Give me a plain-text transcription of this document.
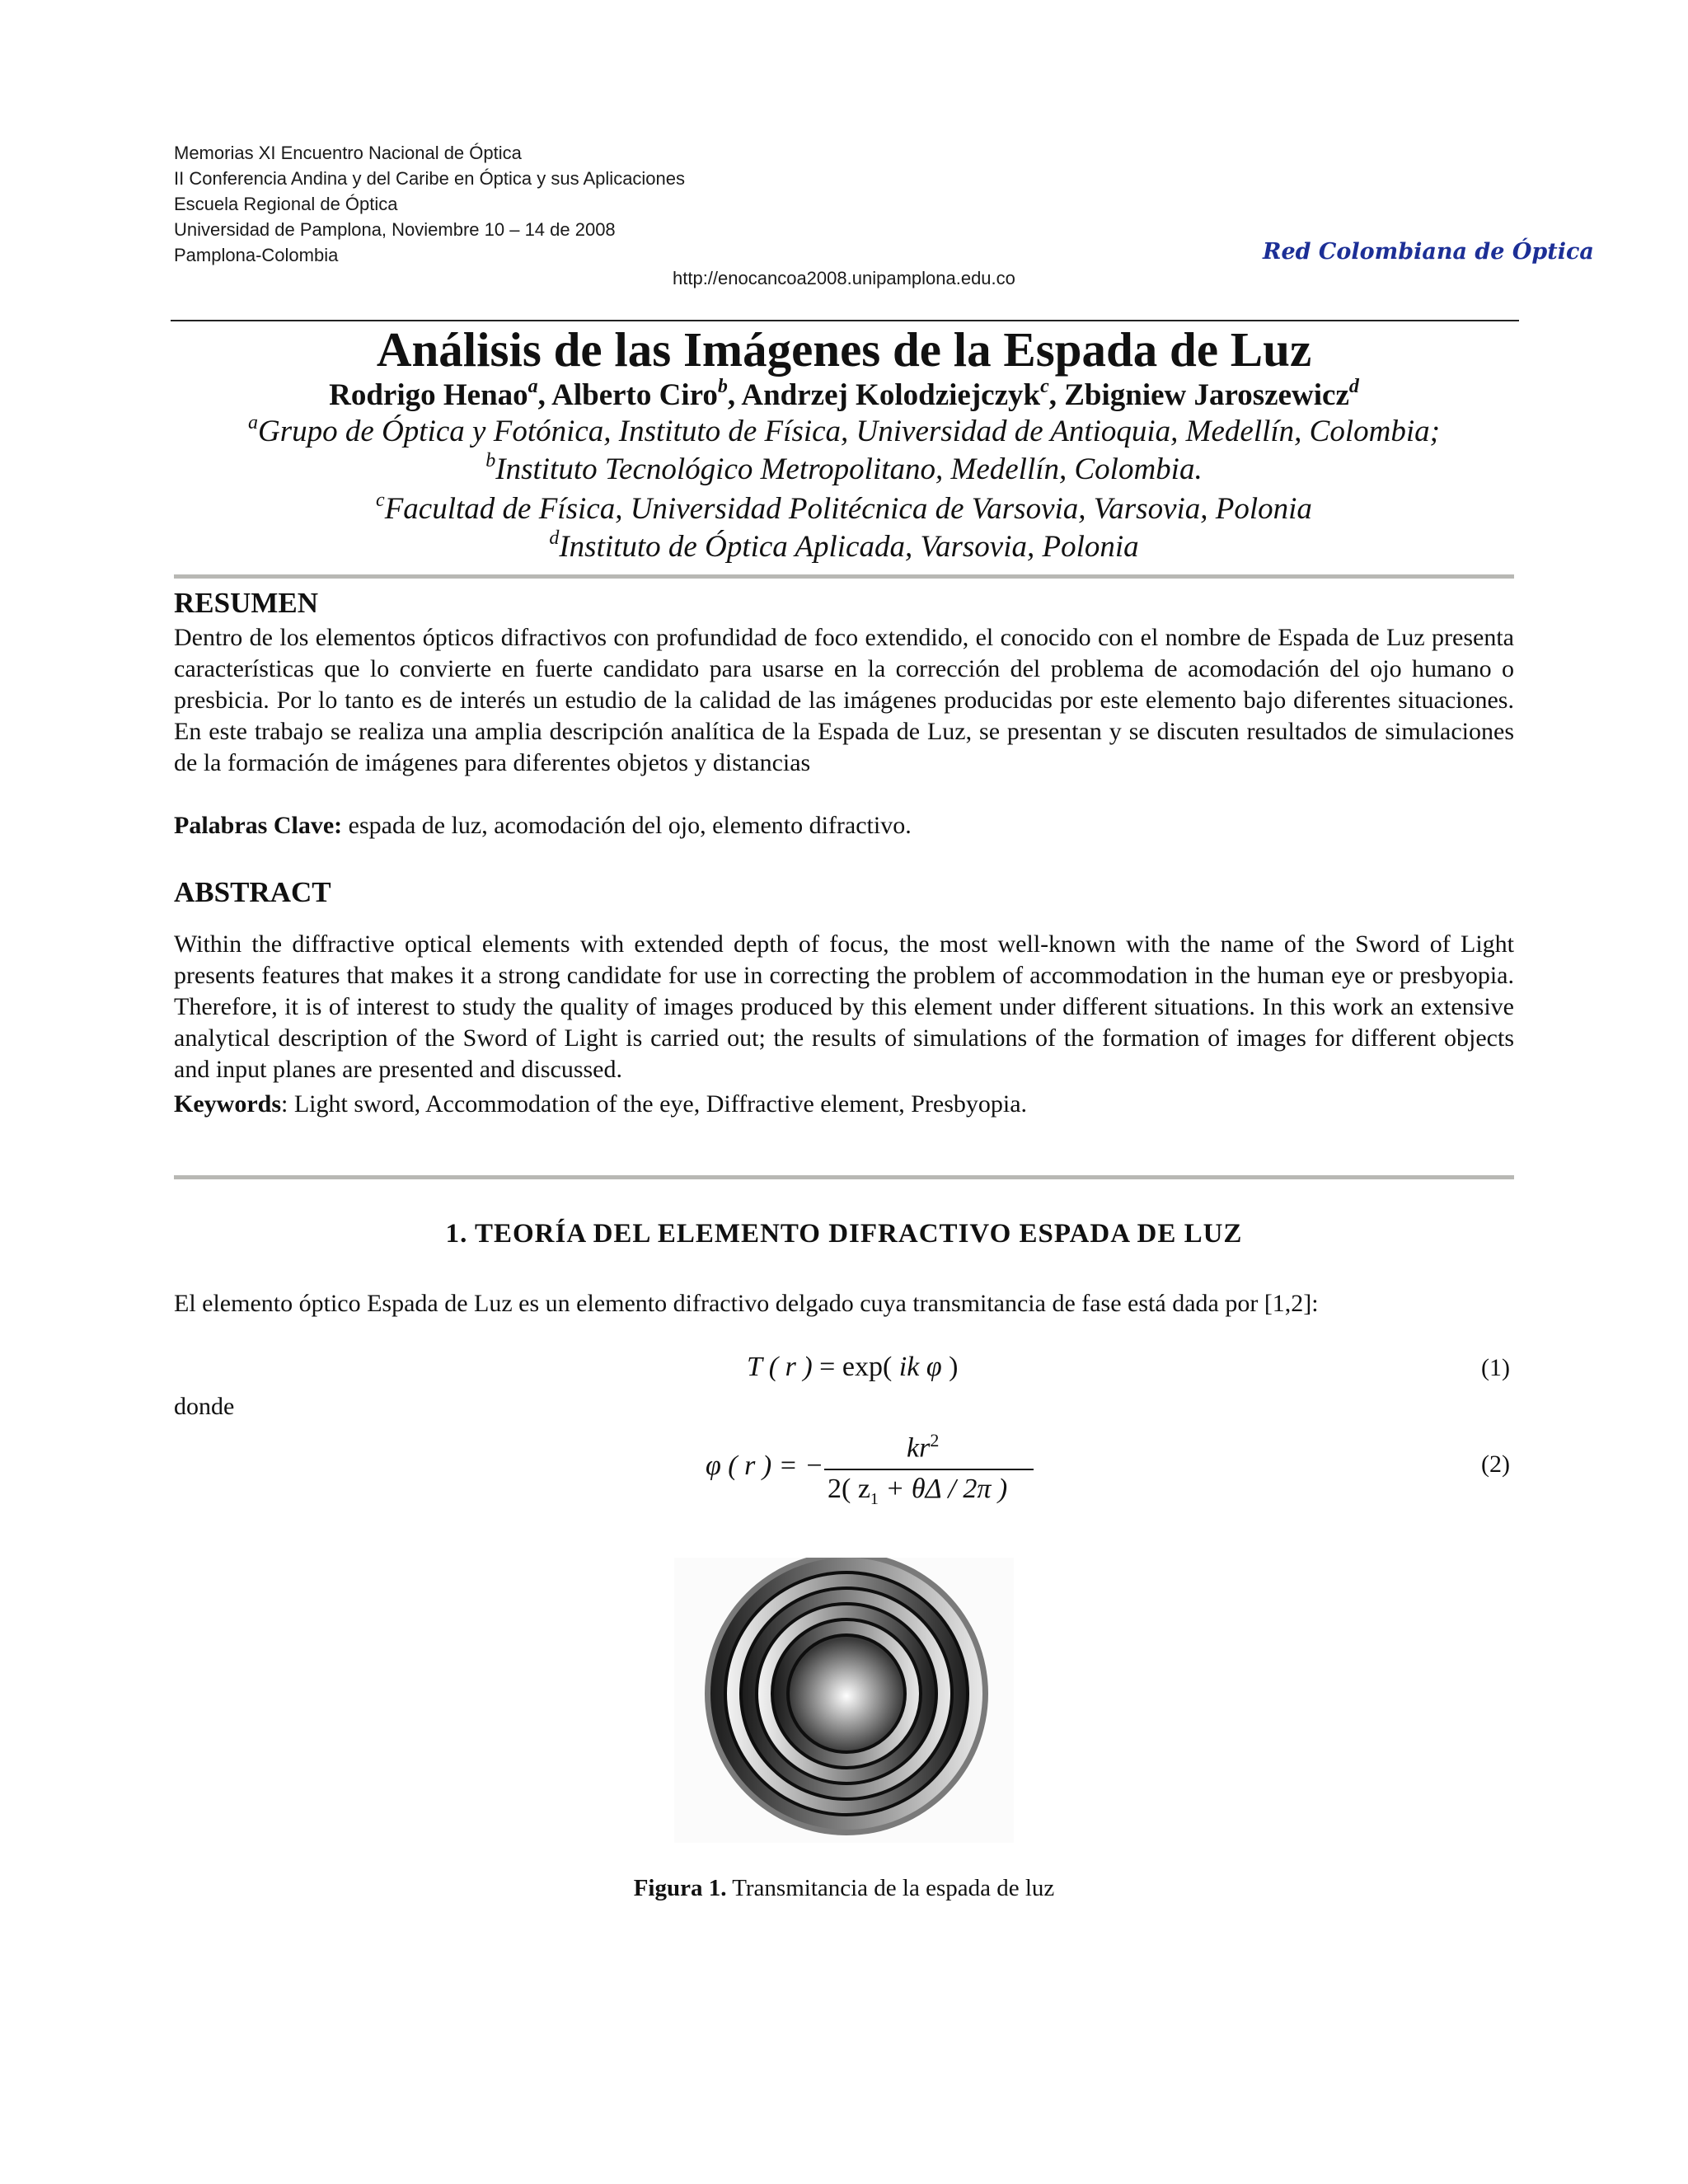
Memorias XI Encuentro Nacional de Óptica
II Conferencia Andina y del Caribe en Óptica y sus Aplicaciones
Escuela Regional de Óptica
Universidad de Pamplona, Noviembre 10 – 14 de 2008
Pamplona-Colombia
http://enocancoa2008.unipamplona.edu.co
Red Colombiana de Óptica
Análisis de las Imágenes de la Espada de Luz
Rodrigo Henao$^a$, Alberto Ciro$^b$, Andrzej Kolodziejczyk$^c$, Zbigniew Jaroszewicz$^d$
$^a$Grupo de Óptica y Fotónica, Instituto de Física, Universidad de Antioquia, Medellín, Colombia;
$^b$Instituto Tecnológico Metropolitano, Medellín, Colombia.
$^c$Facultad de Física, Universidad Politécnica de Varsovia, Varsovia, Polonia
$^d$Instituto de Óptica Aplicada, Varsovia, Polonia
RESUMEN
Dentro de los elementos ópticos difractivos con profundidad de foco extendido, el conocido con el nombre de Espada de Luz presenta características que lo convierte en fuerte candidato para usarse en la corrección del problema de acomodación del ojo humano o presbicia. Por lo tanto es de interés un estudio de la calidad de las imágenes producidas por este elemento bajo diferentes situaciones. En este trabajo se realiza una amplia descripción analítica de la Espada de Luz, se presentan y se discuten resultados de simulaciones de la formación de imágenes para diferentes objetos y distancias
Palabras Clave: espada de luz, acomodación del ojo, elemento difractivo.
ABSTRACT
Within the diffractive optical elements with extended depth of focus, the most well-known with the name of the Sword of Light presents features that makes it a strong candidate for use in correcting the problem of accommodation in the human eye or presbyopia. Therefore, it is of interest to study the quality of images produced by this element under different situations. In this work an extensive analytical description of the Sword of Light is carried out; the results of simulations of the formation of images for different objects and input planes are presented and discussed.
Keywords: Light sword, Accommodation of the eye, Diffractive element, Presbyopia.
1. TEORÍA DEL ELEMENTO DIFRACTIVO ESPADA DE LUZ
El elemento óptico Espada de Luz es un elemento difractivo delgado cuya transmitancia de fase está dada por [1,2]:
T ( r ) = exp( ik φ )	(1)
donde
φ ( r ) = −
$kr^2$
2( $z_1 + \theta\Delta / 2\pi$ )
(2)
Figura 1. Transmitancia de la espada de luz
